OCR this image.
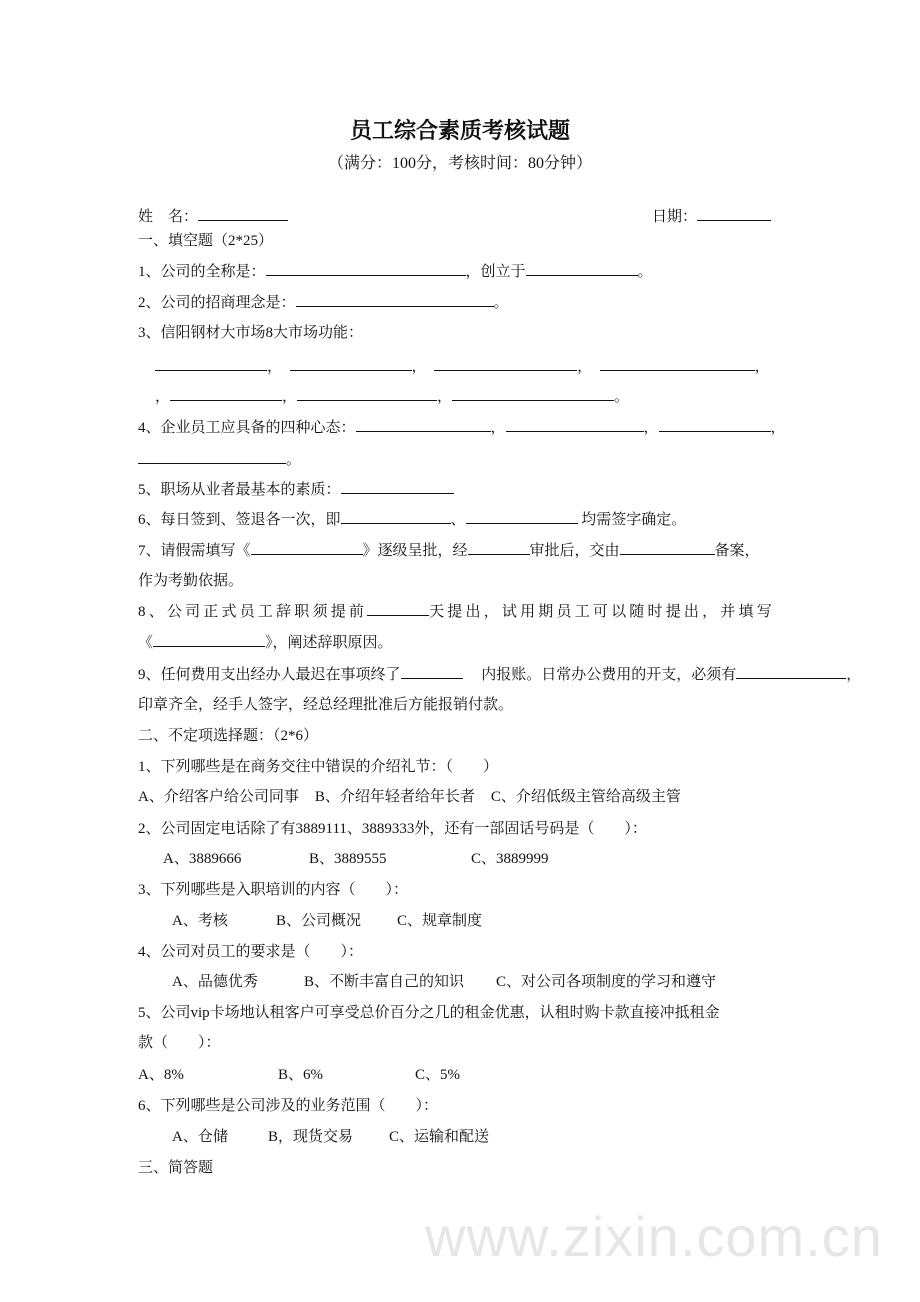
www.zixin.com.cn
员工综合素质考核试题
（满分：100分，考核时间：80分钟）
姓　名：	日期：
一、填空题（2*25）
1、公司的全称是：	，创立于	。
2、公司的招商理念是：	。
3、信阳钢材大市场8大市场功能：
，　	，　	，　	，
，	，	，	。
4、企业员工应具备的四种心态：	，	，	，
。
5、职场从业者最基本的素质：
6、每日签到、签退各一次，即	、	均需签字确定。
7、请假需填写《	》逐级呈批，经	审批后，交由	备案，
作为考勤依据。
8、公司正式员工辞职须提前	天提出，试用期员工可以随时提出，并填写
《	》，阐述辞职原因。
9、任何费用支出经办人最迟在事项终了　	内报账。日常办公费用的开支，必须有	，
印章齐全，经手人签字，经总经理批准后方能报销付款。
二、不定项选择题：（2*6）
1、下列哪些是在商务交往中错误的介绍礼节：（　　）
A、介绍客户给公司同事 B、介绍年轻者给年长者 C、介绍低级主管给高级主管
2、公司固定电话除了有3889111、3889333外，还有一部固话号码是（　　）：
A、3889666	B、3889555	C、3889999
3、下列哪些是入职培训的内容（　　）：
A、考核	B、公司概况 C、规章制度
4、公司对员工的要求是（　　）：
A、品德优秀	B、不断丰富自己的知识 C、对公司各项制度的学习和遵守
5、公司vip卡场地认租客户可享受总价百分之几的租金优惠，认租时购卡款直接冲抵租金
款（　　）：
A、8%	B、6%	C、5%
6、下列哪些是公司涉及的业务范围（　　）：
A、仓储	B，现货交易 C、运输和配送
三、简答题
